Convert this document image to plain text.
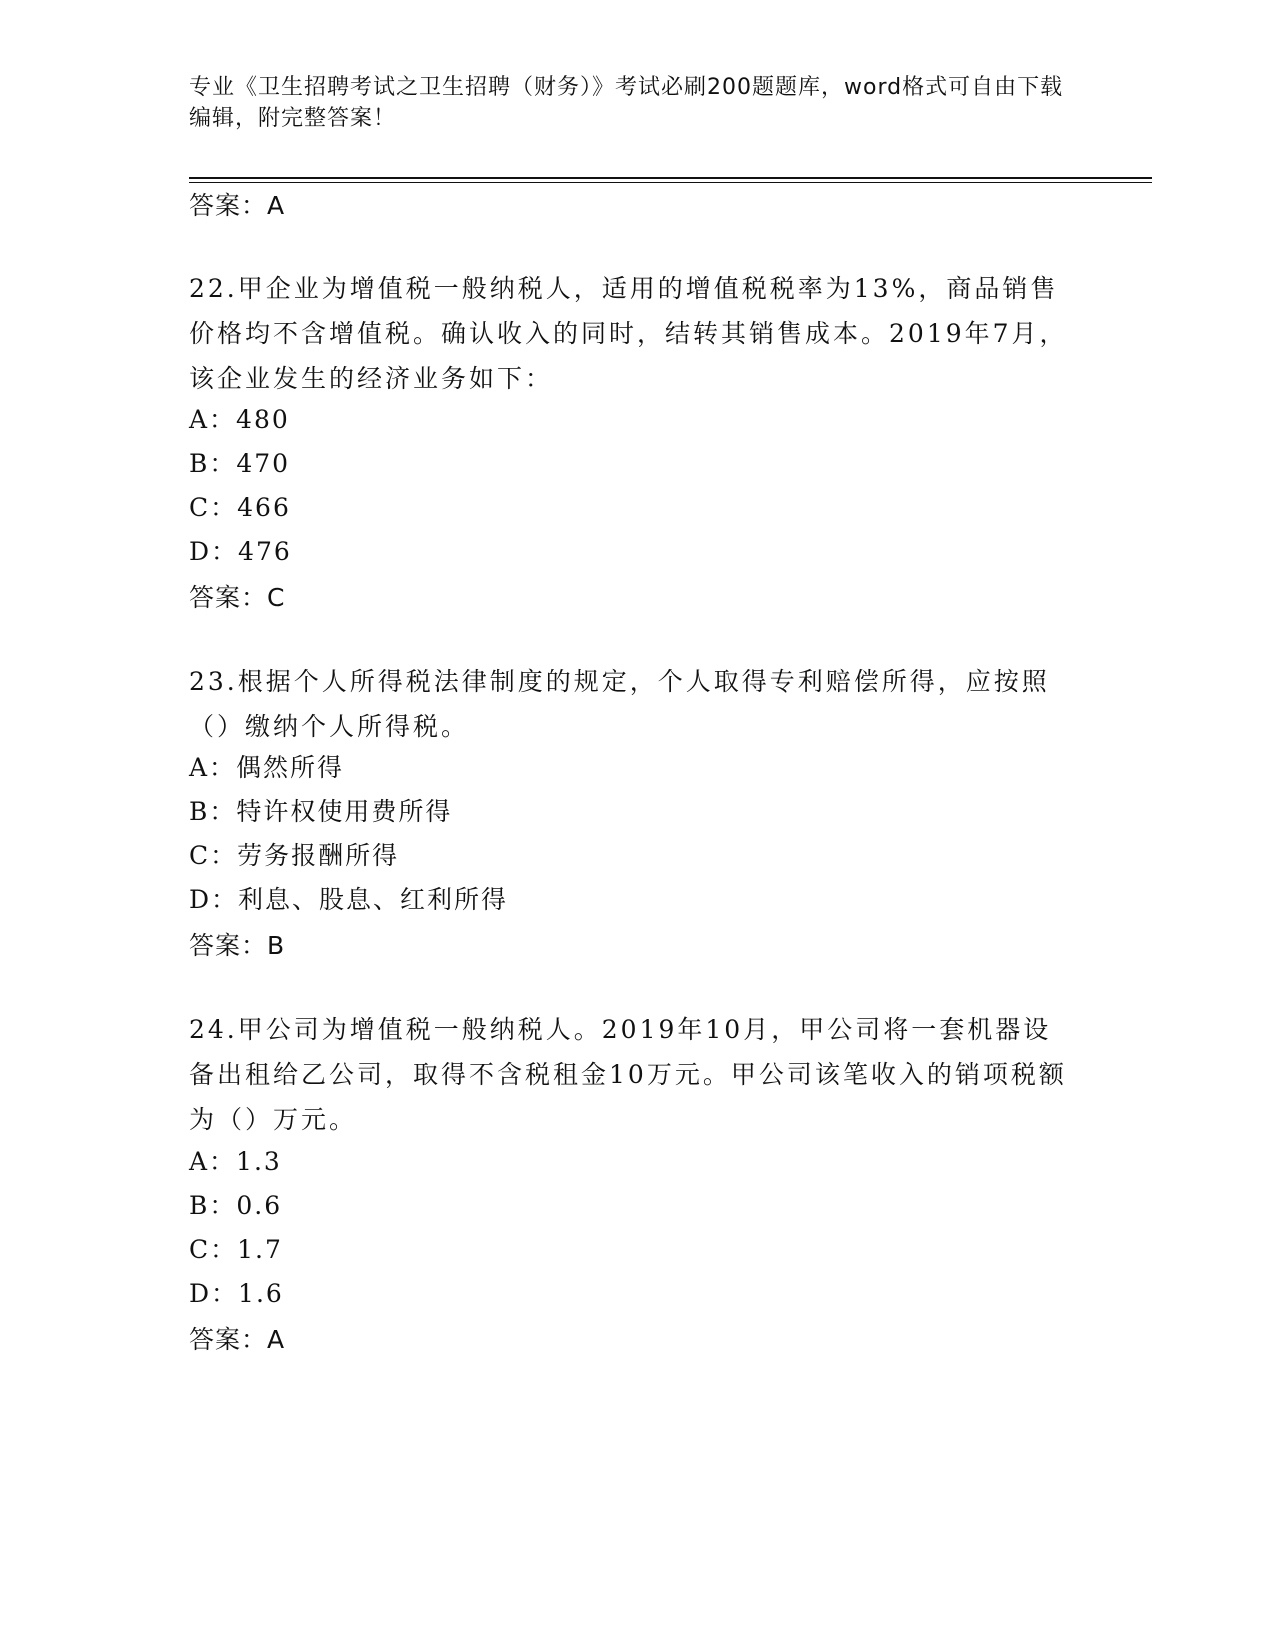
专业《卫生招聘考试之卫生招聘（财务）》考试必刷200题题库，word格式可自由下载编辑，附完整答案！
答案：A
22.甲企业为增值税一般纳税人，适用的增值税税率为13%，商品销售价格均不含增值税。确认收入的同时，结转其销售成本。2019年7月，该企业发生的经济业务如下：
A：480
B：470
C：466
D：476
答案：C
23.根据个人所得税法律制度的规定，个人取得专利赔偿所得，应按照（）缴纳个人所得税。
A：偶然所得
B：特许权使用费所得
C：劳务报酬所得
D：利息、股息、红利所得
答案：B
24.甲公司为增值税一般纳税人。2019年10月，甲公司将一套机器设备出租给乙公司，取得不含税租金10万元。甲公司该笔收入的销项税额为（）万元。
A：1.3
B：0.6
C：1.7
D：1.6
答案：A
